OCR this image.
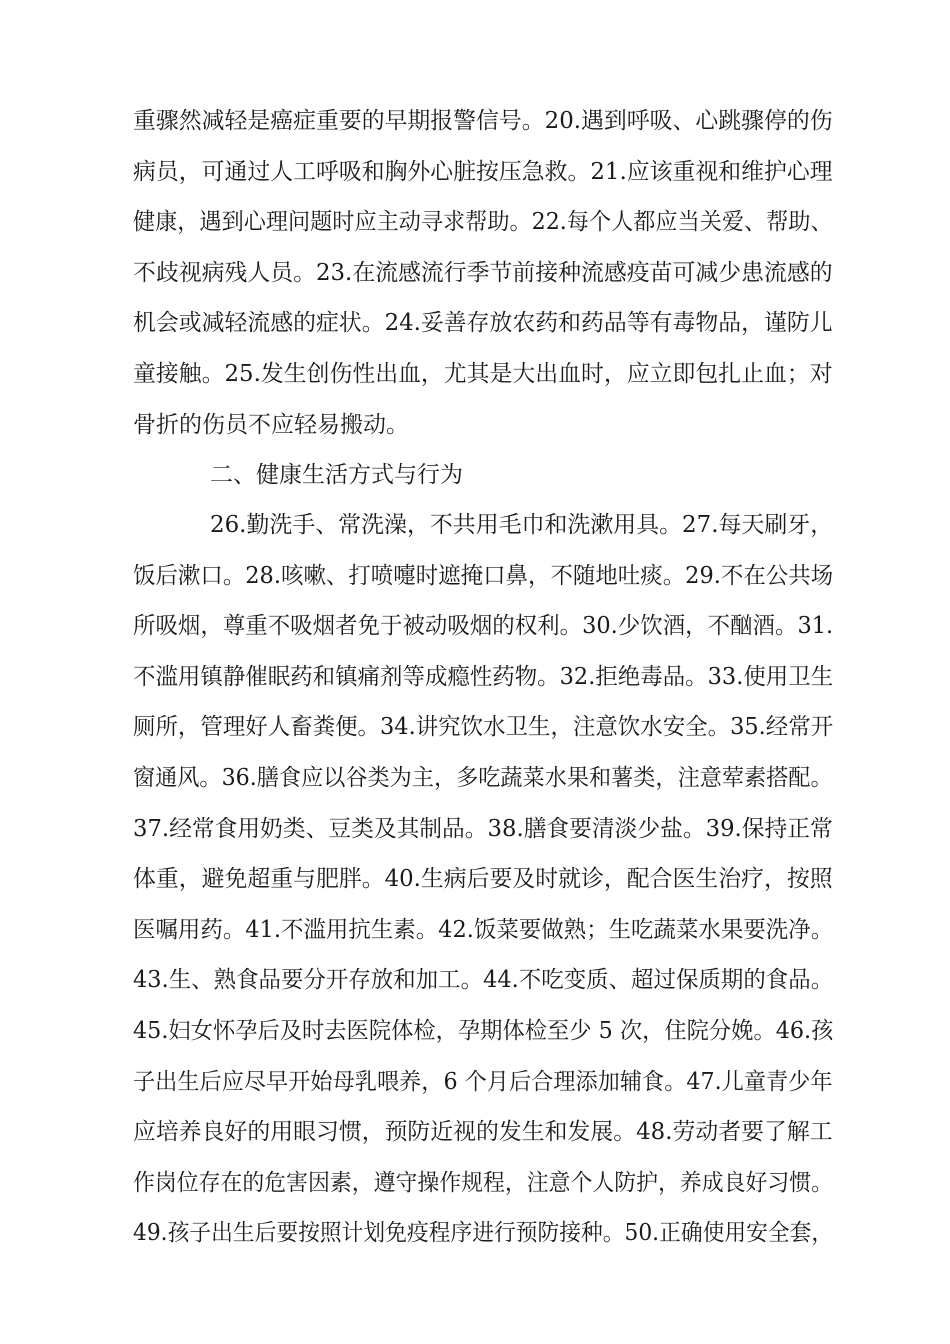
重骤然减轻是癌症重要的早期报警信号。20.遇到呼吸、心跳骤停的伤
病员，可通过人工呼吸和胸外心脏按压急救。21.应该重视和维护心理
健康，遇到心理问题时应主动寻求帮助。22.每个人都应当关爱、帮助、
不歧视病残人员。23.在流感流行季节前接种流感疫苗可减少患流感的
机会或减轻流感的症状。24.妥善存放农药和药品等有毒物品，谨防儿
童接触。25.发生创伤性出血，尤其是大出血时，应立即包扎止血；对
骨折的伤员不应轻易搬动。
二、健康生活方式与行为
26.勤洗手、常洗澡，不共用毛巾和洗漱用具。27.每天刷牙，
饭后漱口。28.咳嗽、打喷嚏时遮掩口鼻，不随地吐痰。29.不在公共场
所吸烟，尊重不吸烟者免于被动吸烟的权利。30.少饮酒，不酗酒。31.
不滥用镇静催眠药和镇痛剂等成瘾性药物。32.拒绝毒品。33.使用卫生
厕所，管理好人畜粪便。34.讲究饮水卫生，注意饮水安全。35.经常开
窗通风。36.膳食应以谷类为主，多吃蔬菜水果和薯类，注意荤素搭配。
37.经常食用奶类、豆类及其制品。38.膳食要清淡少盐。39.保持正常
体重，避免超重与肥胖。40.生病后要及时就诊，配合医生治疗，按照
医嘱用药。41.不滥用抗生素。42.饭菜要做熟；生吃蔬菜水果要洗净。
43.生、熟食品要分开存放和加工。44.不吃变质、超过保质期的食品。
45.妇女怀孕后及时去医院体检，孕期体检至少 5 次，住院分娩。46.孩
子出生后应尽早开始母乳喂养，6 个月后合理添加辅食。47.儿童青少年
应培养良好的用眼习惯，预防近视的发生和发展。48.劳动者要了解工
作岗位存在的危害因素，遵守操作规程，注意个人防护，养成良好习惯。
49.孩子出生后要按照计划免疫程序进行预防接种。50.正确使用安全套，
